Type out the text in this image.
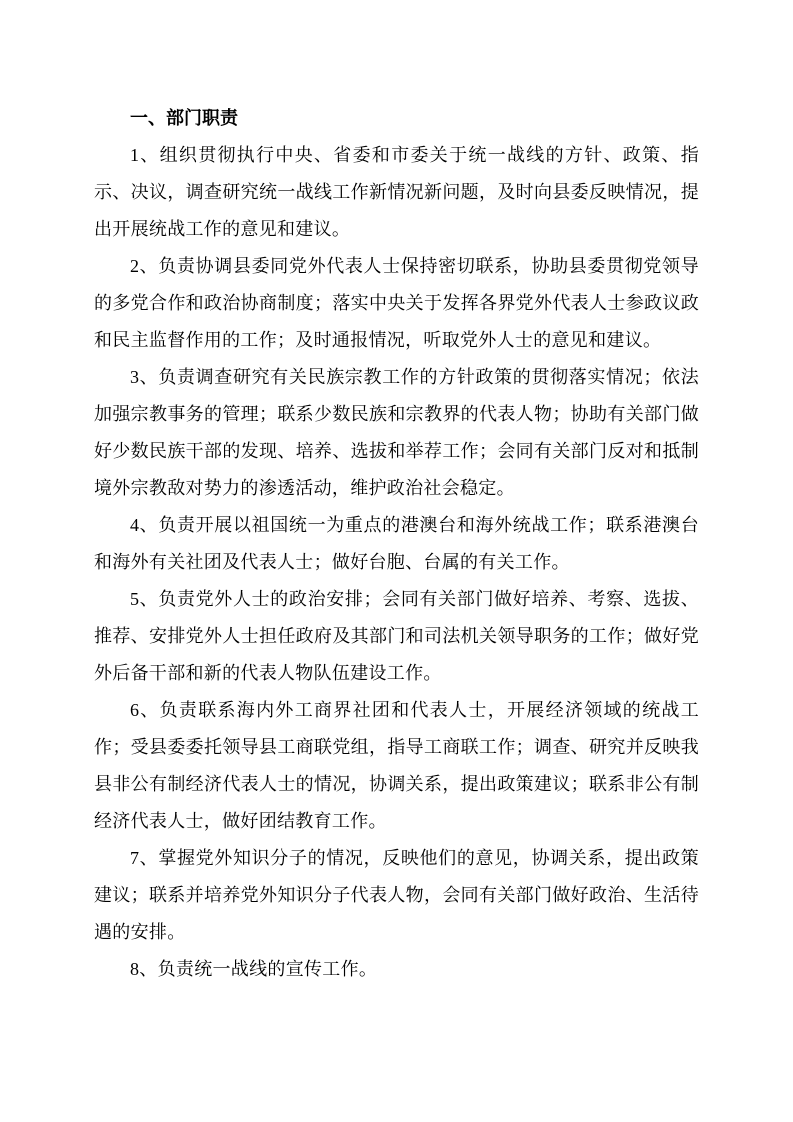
一、部门职责

1、组织贯彻执行中央、省委和市委关于统一战线的方针、政策、指示、决议，调查研究统一战线工作新情况新问题，及时向县委反映情况，提出开展统战工作的意见和建议。

2、负责协调县委同党外代表人士保持密切联系，协助县委贯彻党领导的多党合作和政治协商制度；落实中央关于发挥各界党外代表人士参政议政和民主监督作用的工作；及时通报情况，听取党外人士的意见和建议。

3、负责调查研究有关民族宗教工作的方针政策的贯彻落实情况；依法加强宗教事务的管理；联系少数民族和宗教界的代表人物；协助有关部门做好少数民族干部的发现、培养、选拔和举荐工作；会同有关部门反对和抵制境外宗教敌对势力的渗透活动，维护政治社会稳定。

4、负责开展以祖国统一为重点的港澳台和海外统战工作；联系港澳台和海外有关社团及代表人士；做好台胞、台属的有关工作。

5、负责党外人士的政治安排；会同有关部门做好培养、考察、选拔、推荐、安排党外人士担任政府及其部门和司法机关领导职务的工作；做好党外后备干部和新的代表人物队伍建设工作。

6、负责联系海内外工商界社团和代表人士，开展经济领域的统战工作；受县委委托领导县工商联党组，指导工商联工作；调查、研究并反映我县非公有制经济代表人士的情况，协调关系，提出政策建议；联系非公有制经济代表人士，做好团结教育工作。

7、掌握党外知识分子的情况，反映他们的意见，协调关系，提出政策建议；联系并培养党外知识分子代表人物，会同有关部门做好政治、生活待遇的安排。

8、负责统一战线的宣传工作。
